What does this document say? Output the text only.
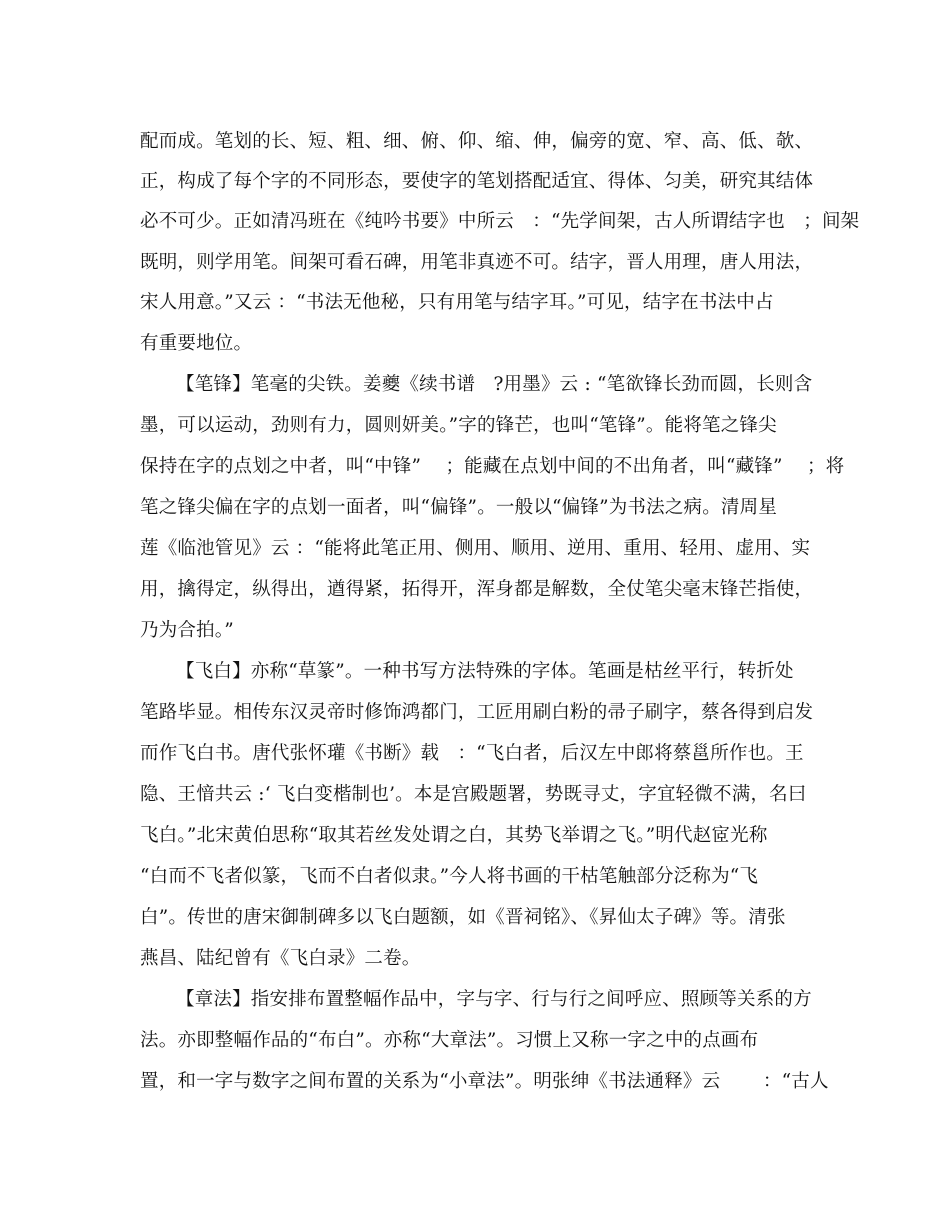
配而成。笔划的长、短、粗、细、俯、仰、缩、伸，偏旁的宽、窄、高、低、欹、
正，构成了每个字的不同形态，要使字的笔划搭配适宜、得体、匀美，研究其结体
必不可少。正如清冯班在《纯吟书要》中所云   ：“先学间架，古人所谓结字也   ；间架
既明，则学用笔。间架可看石碑，用笔非真迹不可。结字，晋人用理，唐人用法，
宋人用意。”又云 ：“书法无他秘，只有用笔与结字耳。”可见，结字在书法中占
有重要地位。
【笔锋】笔毫的尖铁。姜夔《续书谱   ?用墨》云 : “笔欲锋长劲而圆，长则含
墨，可以运动，劲则有力，圆则妍美。”字的锋芒，也叫“笔锋”。能将笔之锋尖
保持在字的点划之中者，叫“中锋”    ；能藏在点划中间的不出角者，叫“藏锋”    ；将
笔之锋尖偏在字的点划一面者，叫“偏锋”。一般以“偏锋”为书法之病。清周星
莲《临池管见》云 ：“能将此笔正用、侧用、顺用、逆用、重用、轻用、虚用、实
用，擒得定，纵得出，遒得紧，拓得开，浑身都是解数，全仗笔尖毫末锋芒指使，
乃为合拍。”
【飞白】亦称“草篆”。一种书写方法特殊的字体。笔画是枯丝平行，转折处
笔路毕显。相传东汉灵帝时修饰鸿都门，工匠用刷白粉的帚子刷字，蔡各得到启发
而作飞白书。唐代张怀瓘《书断》载   ：“飞白者，后汉左中郎将蔡邕所作也。王
隐、王愔共云 :‘ 飞白变楷制也’。本是宫殿题署，势既寻丈，字宜轻微不满，名曰
飞白。”北宋黄伯思称“取其若丝发处谓之白，其势飞举谓之飞。”明代赵宧光称
“白而不飞者似篆，飞而不白者似隶。”今人将书画的干枯笔触部分泛称为“飞
白”。传世的唐宋御制碑多以飞白题额，如《晋祠铭》、《昇仙太子碑》等。清张
燕昌、陆纪曾有《飞白录》二卷。
【章法】指安排布置整幅作品中，字与字、行与行之间呼应、照顾等关系的方
法。亦即整幅作品的“布白”。亦称“大章法”。习惯上又称一字之中的点画布
置，和一字与数字之间布置的关系为“小章法”。明张绅《书法通释》云       ：“古人
